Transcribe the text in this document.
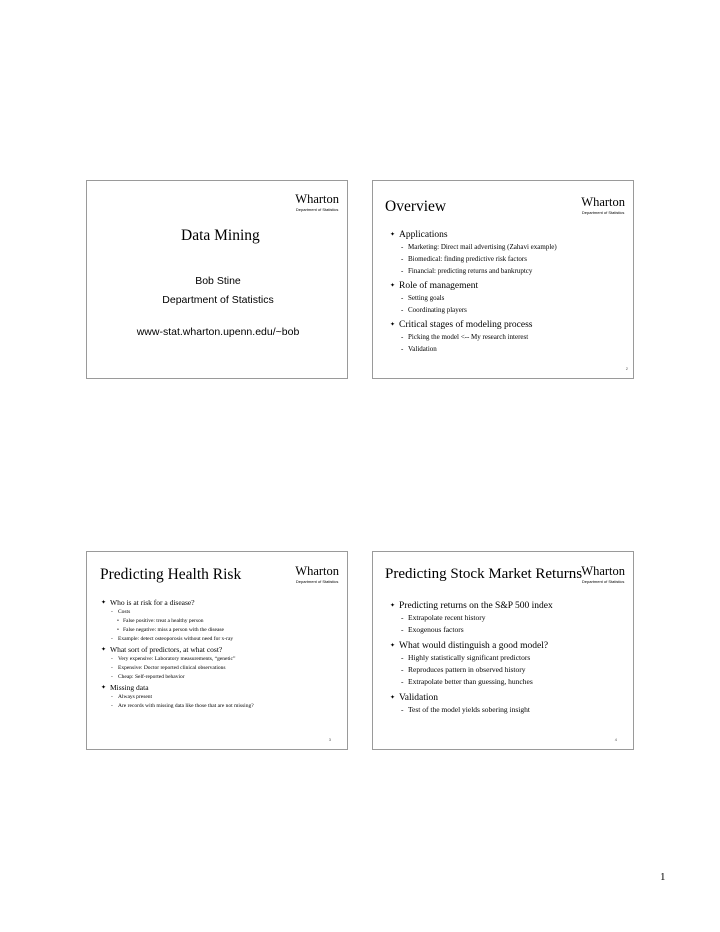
Wharton
Department of Statistics
Data Mining
Bob Stine
Department of Statistics
www-stat.wharton.upenn.edu/~bob
Overview	Wharton
Department of Statistics
✦ Applications
- Marketing: Direct mail advertising (Zahavi example)
- Biomedical: finding predictive risk factors
- Financial: predicting returns and bankruptcy
✦ Role of management
- Setting goals
- Coordinating players
✦ Critical stages of modeling process
- Picking the model <-- My research interest
- Validation
2
Predicting Health Risk	Wharton
Department of Statistics
✦ Who is at risk for a disease?
- Costs
• False positive: treat a healthy person
• False negative: miss a person with the disease
- Example: detect osteoporosis without need for x-ray
✦ What sort of predictors, at what cost?
- Very expensive: Laboratory measurements, “genetic”
- Expensive: Doctor reported clinical observations
- Cheap: Self-reported behavior
✦ Missing data
- Always present
- Are records with missing data like those that are not missing?
3
Predicting Stock Market Returns Wharton
Department of Statistics
✦ Predicting returns on the S&P 500 index
- Extrapolate recent history
- Exogenous factors
✦ What would distinguish a good model?
- Highly statistically significant predictors
- Reproduces pattern in observed history
- Extrapolate better than guessing, hunches
✦ Validation
- Test of the model yields sobering insight
4
1
